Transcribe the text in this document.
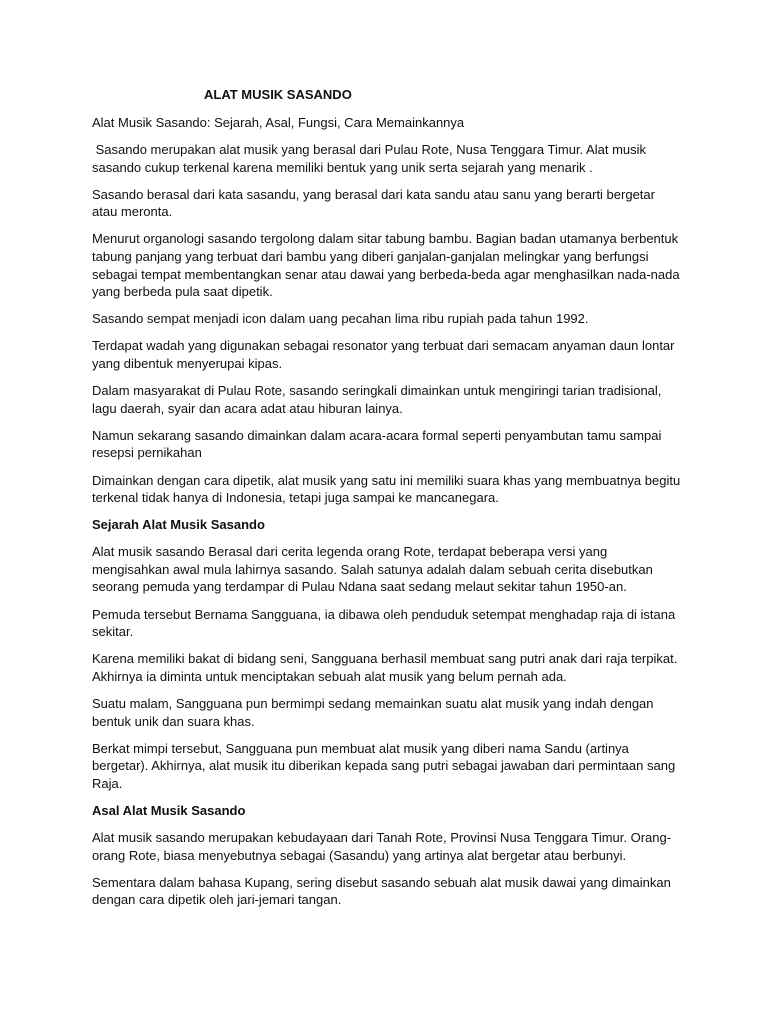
ALAT MUSIK SASANDO

Alat Musik Sasando: Sejarah, Asal, Fungsi, Cara Memainkannya

Sasando merupakan alat musik yang berasal dari Pulau Rote, Nusa Tenggara Timur. Alat musik sasando cukup terkenal karena memiliki bentuk yang unik serta sejarah yang menarik .

Sasando berasal dari kata sasandu, yang berasal dari kata sandu atau sanu yang berarti bergetar atau meronta.

Menurut organologi sasando tergolong dalam sitar tabung bambu. Bagian badan utamanya berbentuk tabung panjang yang terbuat dari bambu yang diberi ganjalan-ganjalan melingkar yang berfungsi sebagai tempat membentangkan senar atau dawai yang berbeda-beda agar menghasilkan nada-nada yang berbeda pula saat dipetik.

Sasando sempat menjadi icon dalam uang pecahan lima ribu rupiah pada tahun 1992.

Terdapat wadah yang digunakan sebagai resonator yang terbuat dari semacam anyaman daun lontar yang dibentuk menyerupai kipas.

Dalam masyarakat di Pulau Rote, sasando seringkali dimainkan untuk mengiringi tarian tradisional, lagu daerah, syair dan acara adat atau hiburan lainya.

Namun sekarang sasando dimainkan dalam acara-acara formal seperti penyambutan tamu sampai resepsi pernikahan

Dimainkan dengan cara dipetik, alat musik yang satu ini memiliki suara khas yang membuatnya begitu terkenal tidak hanya di Indonesia, tetapi juga sampai ke mancanegara.

Sejarah Alat Musik Sasando

Alat musik sasando Berasal dari cerita legenda orang Rote, terdapat beberapa versi yang mengisahkan awal mula lahirnya sasando. Salah satunya adalah dalam sebuah cerita disebutkan seorang pemuda yang terdampar di Pulau Ndana saat sedang melaut sekitar tahun 1950-an.

Pemuda tersebut Bernama Sangguana, ia dibawa oleh penduduk setempat menghadap raja di istana sekitar.

Karena memiliki bakat di bidang seni, Sangguana berhasil membuat sang putri anak dari raja terpikat. Akhirnya ia diminta untuk menciptakan sebuah alat musik yang belum pernah ada.

Suatu malam, Sangguana pun bermimpi sedang memainkan suatu alat musik yang indah dengan bentuk unik dan suara khas.

Berkat mimpi tersebut, Sangguana pun membuat alat musik yang diberi nama Sandu (artinya bergetar). Akhirnya, alat musik itu diberikan kepada sang putri sebagai jawaban dari permintaan sang Raja.

Asal Alat Musik Sasando

Alat musik sasando merupakan kebudayaan dari Tanah Rote, Provinsi Nusa Tenggara Timur. Orang-orang Rote, biasa menyebutnya sebagai (Sasandu) yang artinya alat bergetar atau berbunyi.

Sementara dalam bahasa Kupang, sering disebut sasando sebuah alat musik dawai yang dimainkan dengan cara dipetik oleh jari-jemari tangan.
